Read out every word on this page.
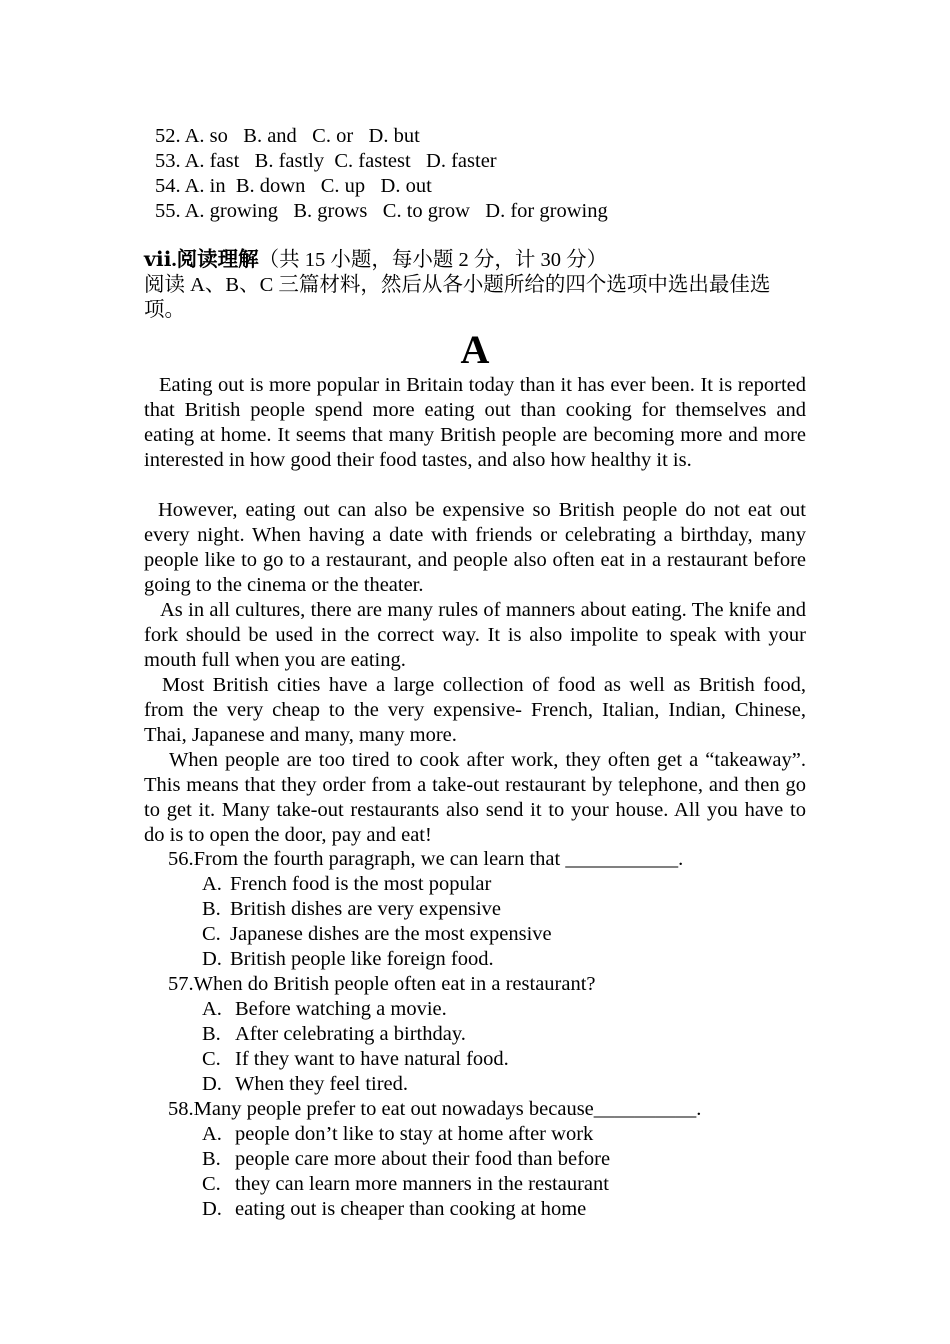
52. A. so   B. and   C. or   D. but
53. A. fast   B. fastly  C. fastest   D. faster
54. A. in  B. down   C. up   D. out
55. A. growing   B. grows   C. to grow   D. for growing
ⅶ.阅读理解（共 15 小题，每小题 2 分，计 30 分）
阅读 A、B、C 三篇材料，然后从各小题所给的四个选项中选出最佳选
项。
A

Eating out is more popular in Britain today than it has ever been. It is reported that British people spend more eating out than cooking for themselves and eating at home. It seems that many British people are becoming more and more interested in how good their food tastes, and also how healthy it is.

However, eating out can also be expensive so British people do not eat out every night. When having a date with friends or celebrating a birthday, many people like to go to a restaurant, and people also often eat in a restaurant before going to the cinema or the theater.

As in all cultures, there are many rules of manners about eating. The knife and fork should be used in the correct way. It is also impolite to speak with your mouth full when you are eating.

Most British cities have a large collection of food as well as British food, from the very cheap to the very expensive- French, Italian, Indian, Chinese, Thai, Japanese and many, many more.

When people are too tired to cook after work, they often get a “takeaway”. This means that they order from a take-out restaurant by telephone, and then go to get it. Many take-out restaurants also send it to your house. All you have to do is to open the door, pay and eat!

56.From the fourth paragraph, we can learn that ___________.
A. French food is the most popular
B. British dishes are very expensive
C. Japanese dishes are the most expensive
D. British people like foreign food.
57.When do British people often eat in a restaurant?
A. Before watching a movie.
B. After celebrating a birthday.
C. If they want to have natural food.
D. When they feel tired.
58.Many people prefer to eat out nowadays because__________.
A. people don’t like to stay at home after work
B. people care more about their food than before
C. they can learn more manners in the restaurant
D. eating out is cheaper than cooking at home
